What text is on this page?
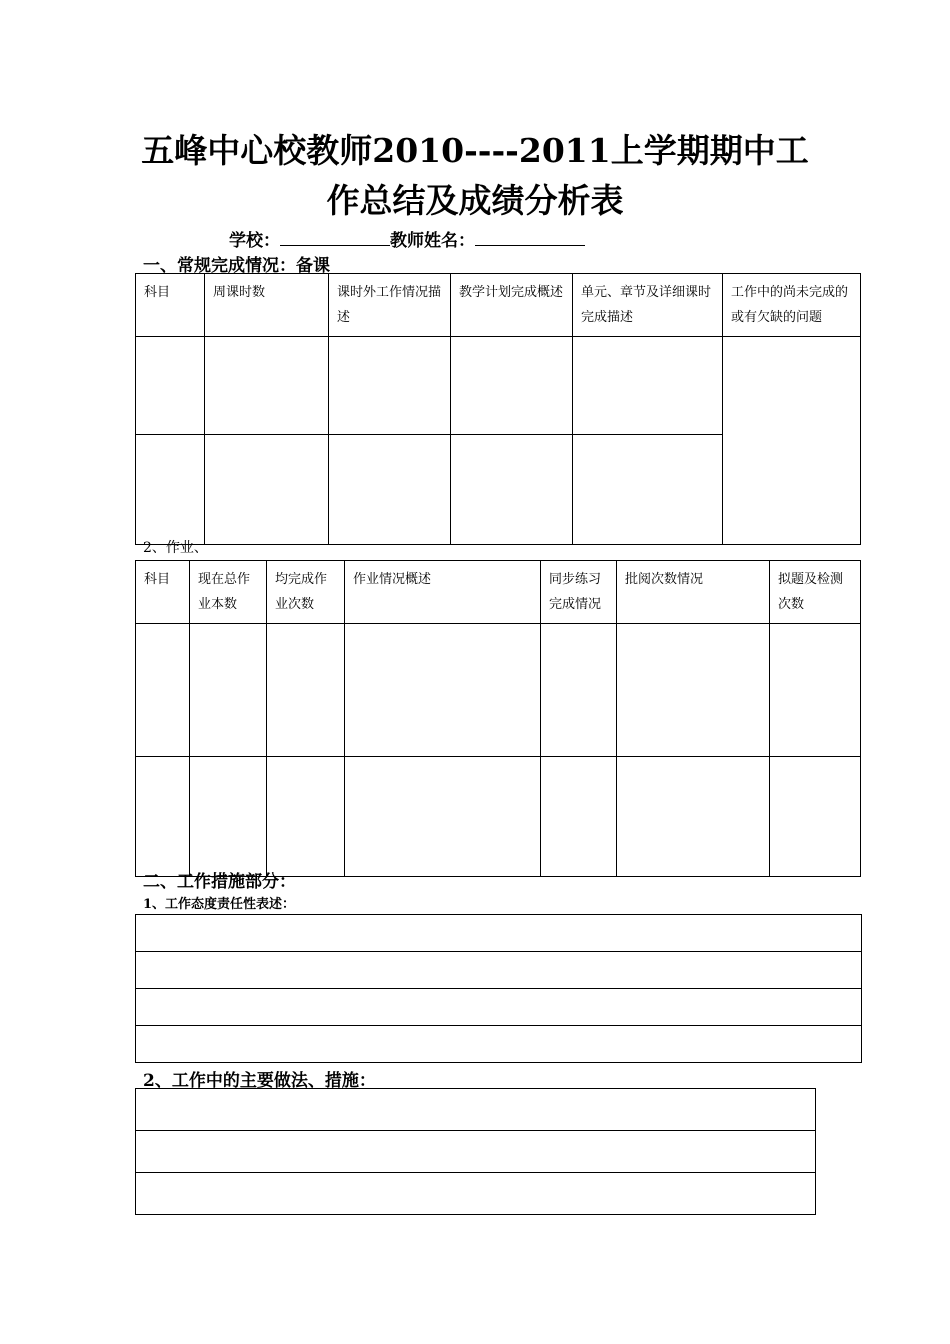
五峰中心校教师2010----2011上学期期中工
作总结及成绩分析表
学校：	教师姓名：
一、常规完成情况：备课
科目	周课时数	课时外工作情况描述	教学计划完成概述	单元、章节及详细课时完成描述	工作中的尚未完成的或有欠缺的问题

2、作业、
科目	现在总作业本数	均完成作业次数	作业情况概述	同步练习完成情况	批阅次数情况	拟题及检测次数

二、工作措施部分：
1、工作态度责任性表述：

2、工作中的主要做法、措施：
